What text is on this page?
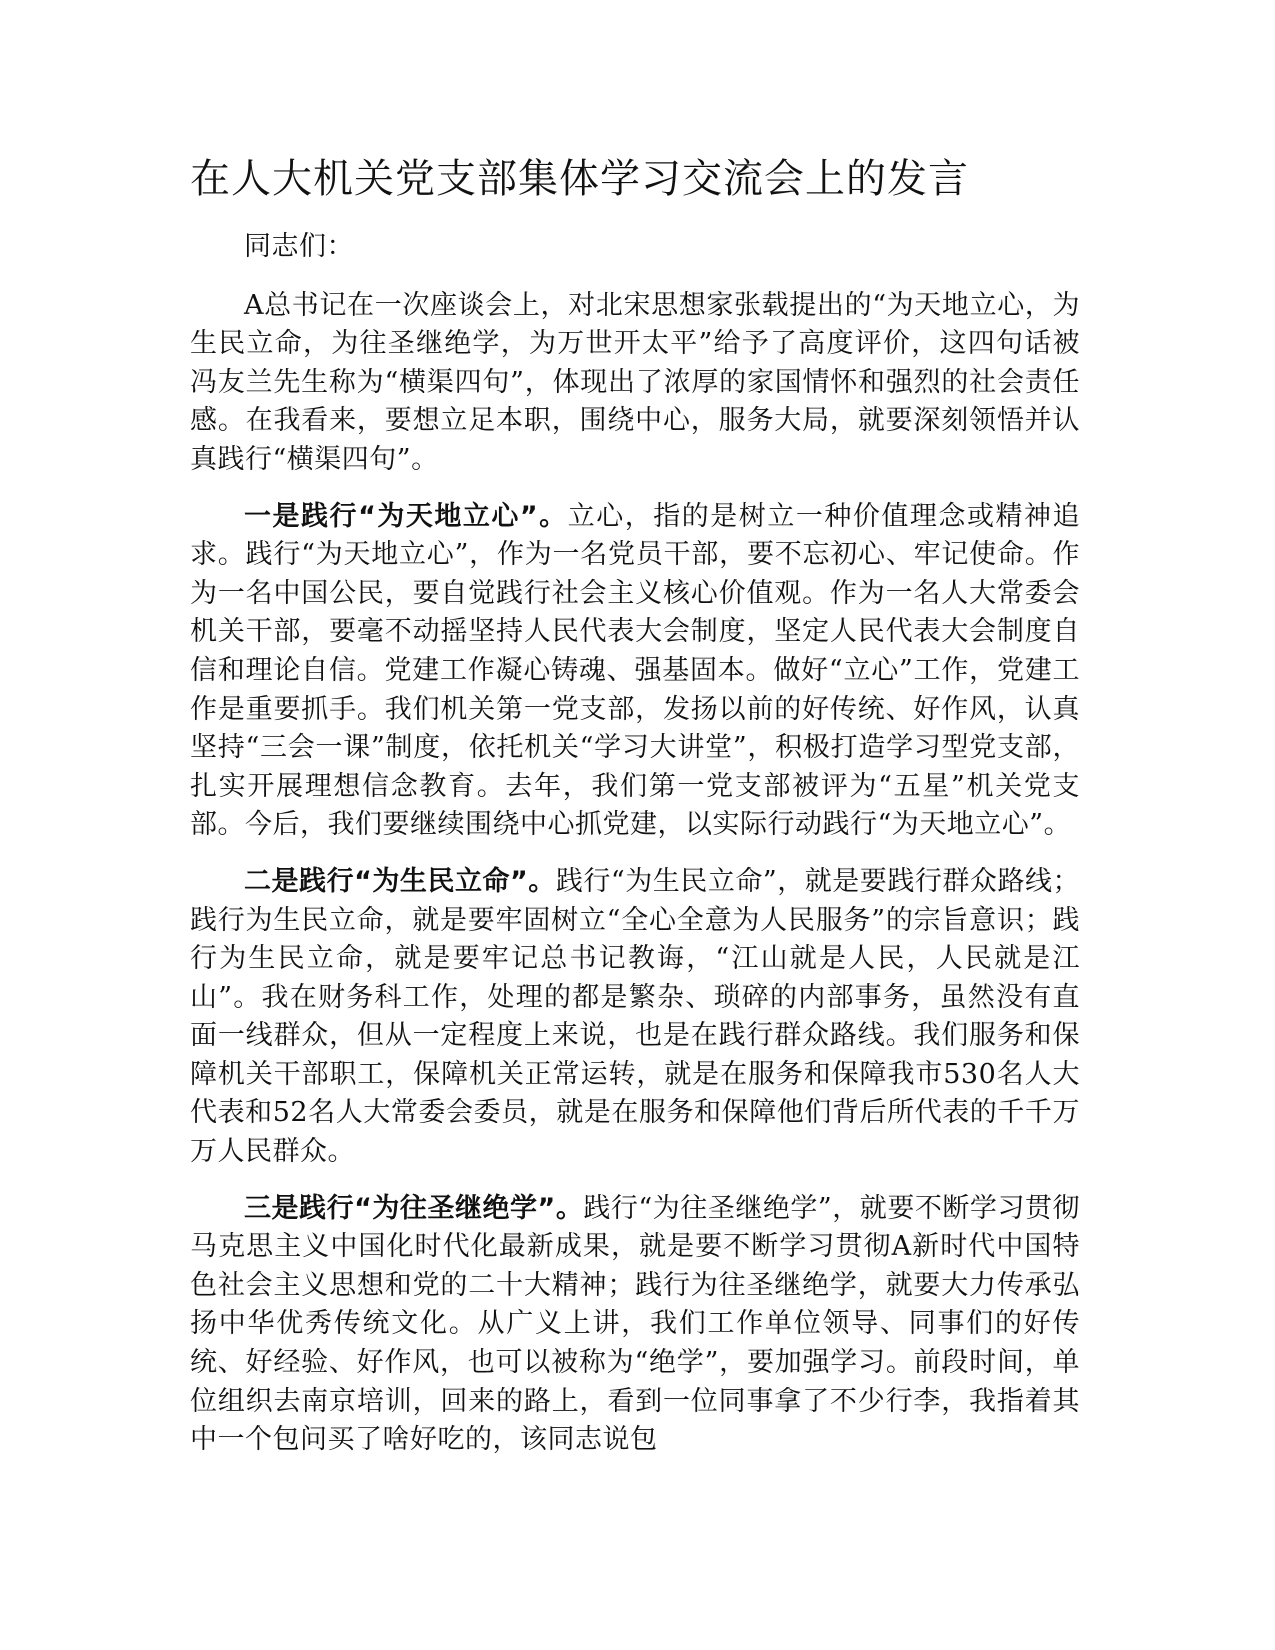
在人大机关党支部集体学习交流会上的发言

同志们：

A总书记在一次座谈会上，对北宋思想家张载提出的“为天地立心，为生民立命，为往圣继绝学，为万世开太平”给予了高度评价，这四句话被冯友兰先生称为“横渠四句”，体现出了浓厚的家国情怀和强烈的社会责任感。在我看来，要想立足本职，围绕中心，服务大局，就要深刻领悟并认真践行“横渠四句”。

一是践行“为天地立心”。立心，指的是树立一种价值理念或精神追求。践行“为天地立心”，作为一名党员干部，要不忘初心、牢记使命。作为一名中国公民，要自觉践行社会主义核心价值观。作为一名人大常委会机关干部，要毫不动摇坚持人民代表大会制度，坚定人民代表大会制度自信和理论自信。党建工作凝心铸魂、强基固本。做好“立心”工作，党建工作是重要抓手。我们机关第一党支部，发扬以前的好传统、好作风，认真坚持“三会一课”制度，依托机关“学习大讲堂”，积极打造学习型党支部，扎实开展理想信念教育。去年，我们第一党支部被评为“五星”机关党支部。今后，我们要继续围绕中心抓党建，以实际行动践行“为天地立心”。

二是践行“为生民立命”。践行“为生民立命”，就是要践行群众路线；践行为生民立命，就是要牢固树立“全心全意为人民服务”的宗旨意识；践行为生民立命，就是要牢记总书记教诲，“江山就是人民，人民就是江山”。我在财务科工作，处理的都是繁杂、琐碎的内部事务，虽然没有直面一线群众，但从一定程度上来说，也是在践行群众路线。我们服务和保障机关干部职工，保障机关正常运转，就是在服务和保障我市530名人大代表和52名人大常委会委员，就是在服务和保障他们背后所代表的千千万万人民群众。

三是践行“为往圣继绝学”。践行“为往圣继绝学”，就要不断学习贯彻马克思主义中国化时代化最新成果，就是要不断学习贯彻A新时代中国特色社会主义思想和党的二十大精神；践行为往圣继绝学，就要大力传承弘扬中华优秀传统文化。从广义上讲，我们工作单位领导、同事们的好传统、好经验、好作风，也可以被称为“绝学”，要加强学习。前段时间，单位组织去南京培训，回来的路上，看到一位同事拿了不少行李，我指着其中一个包问买了啥好吃的，该同志说包
